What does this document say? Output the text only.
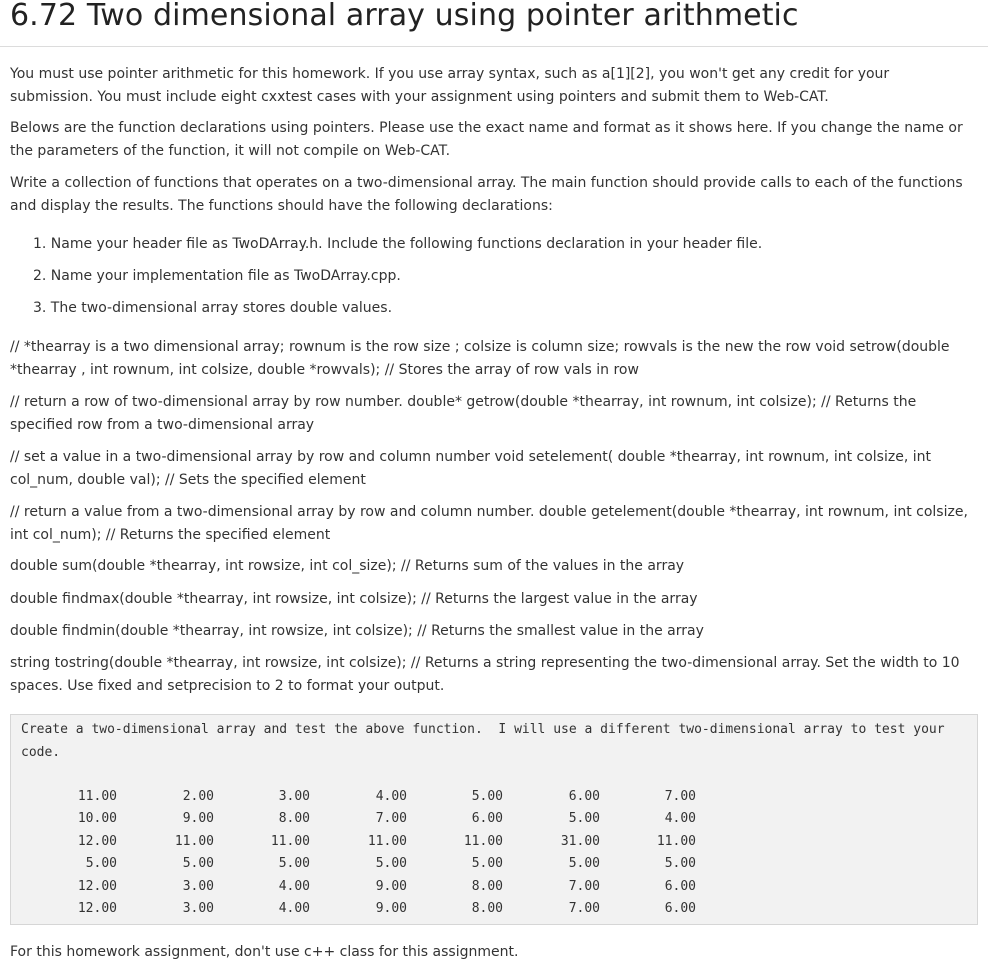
6.72 Two dimensional array using pointer arithmetic

You must use pointer arithmetic for this homework. If you use array syntax, such as a[1][2], you won't get any credit for your submission. You must include eight cxxtest cases with your assignment using pointers and submit them to Web-CAT.

Belows are the function declarations using pointers. Please use the exact name and format as it shows here. If you change the name or the parameters of the function, it will not compile on Web-CAT.

Write a collection of functions that operates on a two-dimensional array. The main function should provide calls to each of the functions and display the results. The functions should have the following declarations:

1. Name your header file as TwoDArray.h. Include the following functions declaration in your header file.

2. Name your implementation file as TwoDArray.cpp.

3. The two-dimensional array stores double values.

// *thearray is a two dimensional array; rownum is the row size ; colsize is column size; rowvals is the new the row void setrow(double *thearray , int rownum, int colsize, double *rowvals); // Stores the array of row vals in row

// return a row of two-dimensional array by row number. double* getrow(double *thearray, int rownum, int colsize); // Returns the specified row from a two-dimensional array

// set a value in a two-dimensional array by row and column number void setelement( double *thearray, int rownum, int colsize, int col_num, double val); // Sets the specified element

// return a value from a two-dimensional array by row and column number. double getelement(double *thearray, int rownum, int colsize, int col_num); // Returns the specified element

double sum(double *thearray, int rowsize, int col_size); // Returns sum of the values in the array

double findmax(double *thearray, int rowsize, int colsize); // Returns the largest value in the array

double findmin(double *thearray, int rowsize, int colsize); // Returns the smallest value in the array

string tostring(double *thearray, int rowsize, int colsize); // Returns a string representing the two-dimensional array. Set the width to 10 spaces. Use fixed and setprecision to 2 to format your output.

Create a two-dimensional array and test the above function.  I will use a different two-dimensional array to test your code.

11.00	2.00	3.00	4.00	5.00	6.00	7.00
10.00	9.00	8.00	7.00	6.00	5.00	4.00
12.00	11.00	11.00	11.00	11.00	31.00	11.00
5.00	5.00	5.00	5.00	5.00	5.00	5.00
12.00	3.00	4.00	9.00	8.00	7.00	6.00
12.00	3.00	4.00	9.00	8.00	7.00	6.00

For this homework assignment, don't use c++ class for this assignment.
